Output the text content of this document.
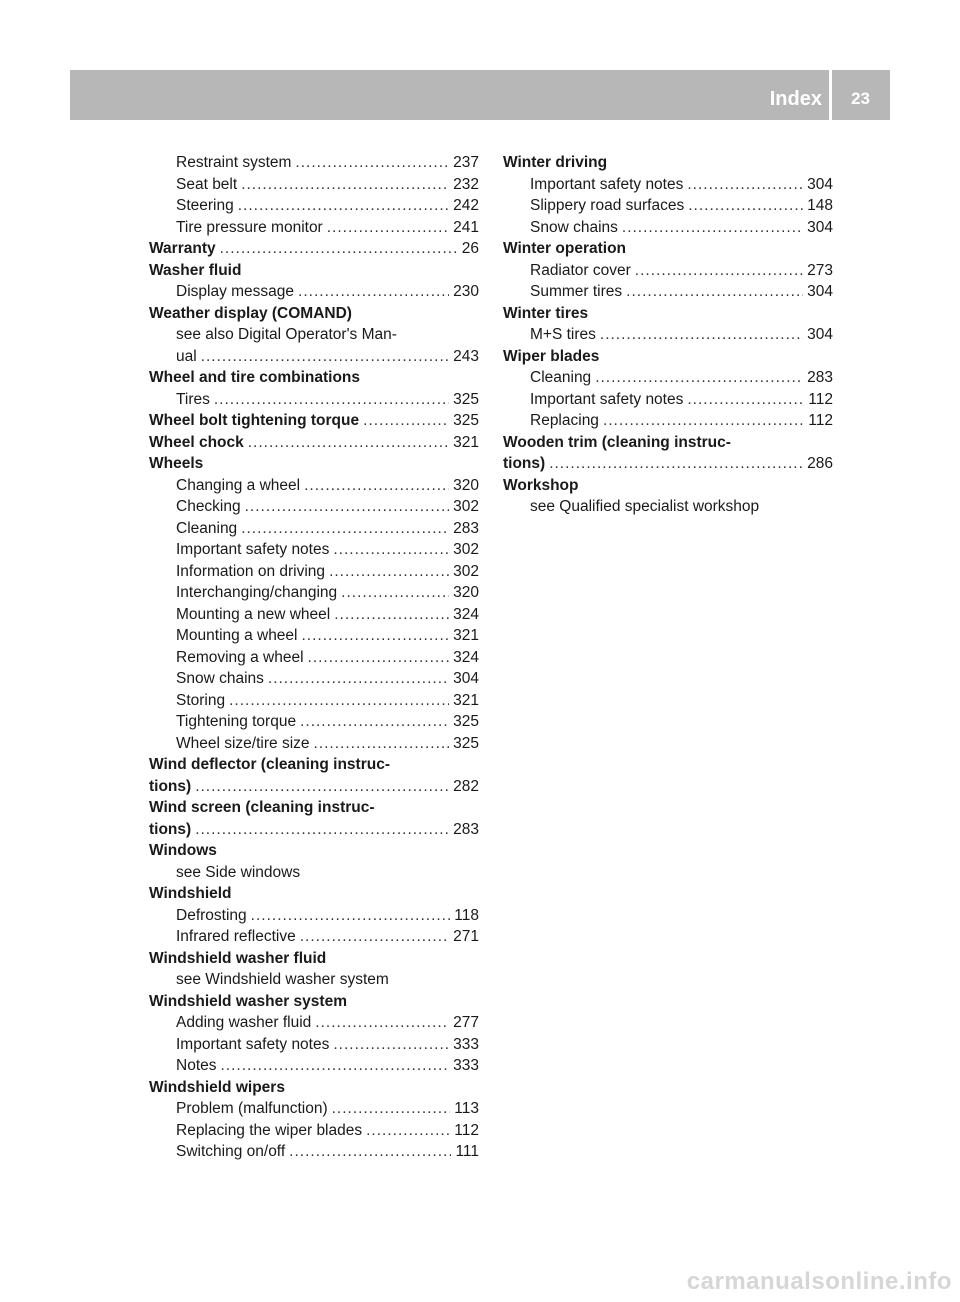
Index 23
Restraint system .....	237
Seat belt .....	232
Steering .....	242
Tire pressure monitor .....	241
Warranty .....	26
Washer fluid
Display message .....	230
Weather display (COMAND)
see also Digital Operator's Man-
ual .....	243
Wheel and tire combinations
Tires .....	325
Wheel bolt tightening torque .....	325
Wheel chock .....	321
Wheels
Changing a wheel .....	320
Checking .....	302
Cleaning .....	283
Important safety notes .....	302
Information on driving .....	302
Interchanging/changing .....	320
Mounting a new wheel .....	324
Mounting a wheel .....	321
Removing a wheel .....	324
Snow chains .....	304
Storing .....	321
Tightening torque .....	325
Wheel size/tire size .....	325
Wind deflector (cleaning instruc-
tions) .....	282
Wind screen (cleaning instruc-
tions) .....	283
Windows
see Side windows
Windshield
Defrosting .....	118
Infrared reflective .....	271
Windshield washer fluid
see Windshield washer system
Windshield washer system
Adding washer fluid .....	277
Important safety notes .....	333
Notes .....	333
Windshield wipers
Problem (malfunction) .....	113
Replacing the wiper blades .....	112
Switching on/off .....	111
Winter driving
Important safety notes .....	304
Slippery road surfaces .....	148
Snow chains .....	304
Winter operation
Radiator cover .....	273
Summer tires .....	304
Winter tires
M+S tires .....	304
Wiper blades
Cleaning .....	283
Important safety notes .....	112
Replacing .....	112
Wooden trim (cleaning instruc-
tions) .....	286
Workshop
see Qualified specialist workshop
carmanualsonline.info
